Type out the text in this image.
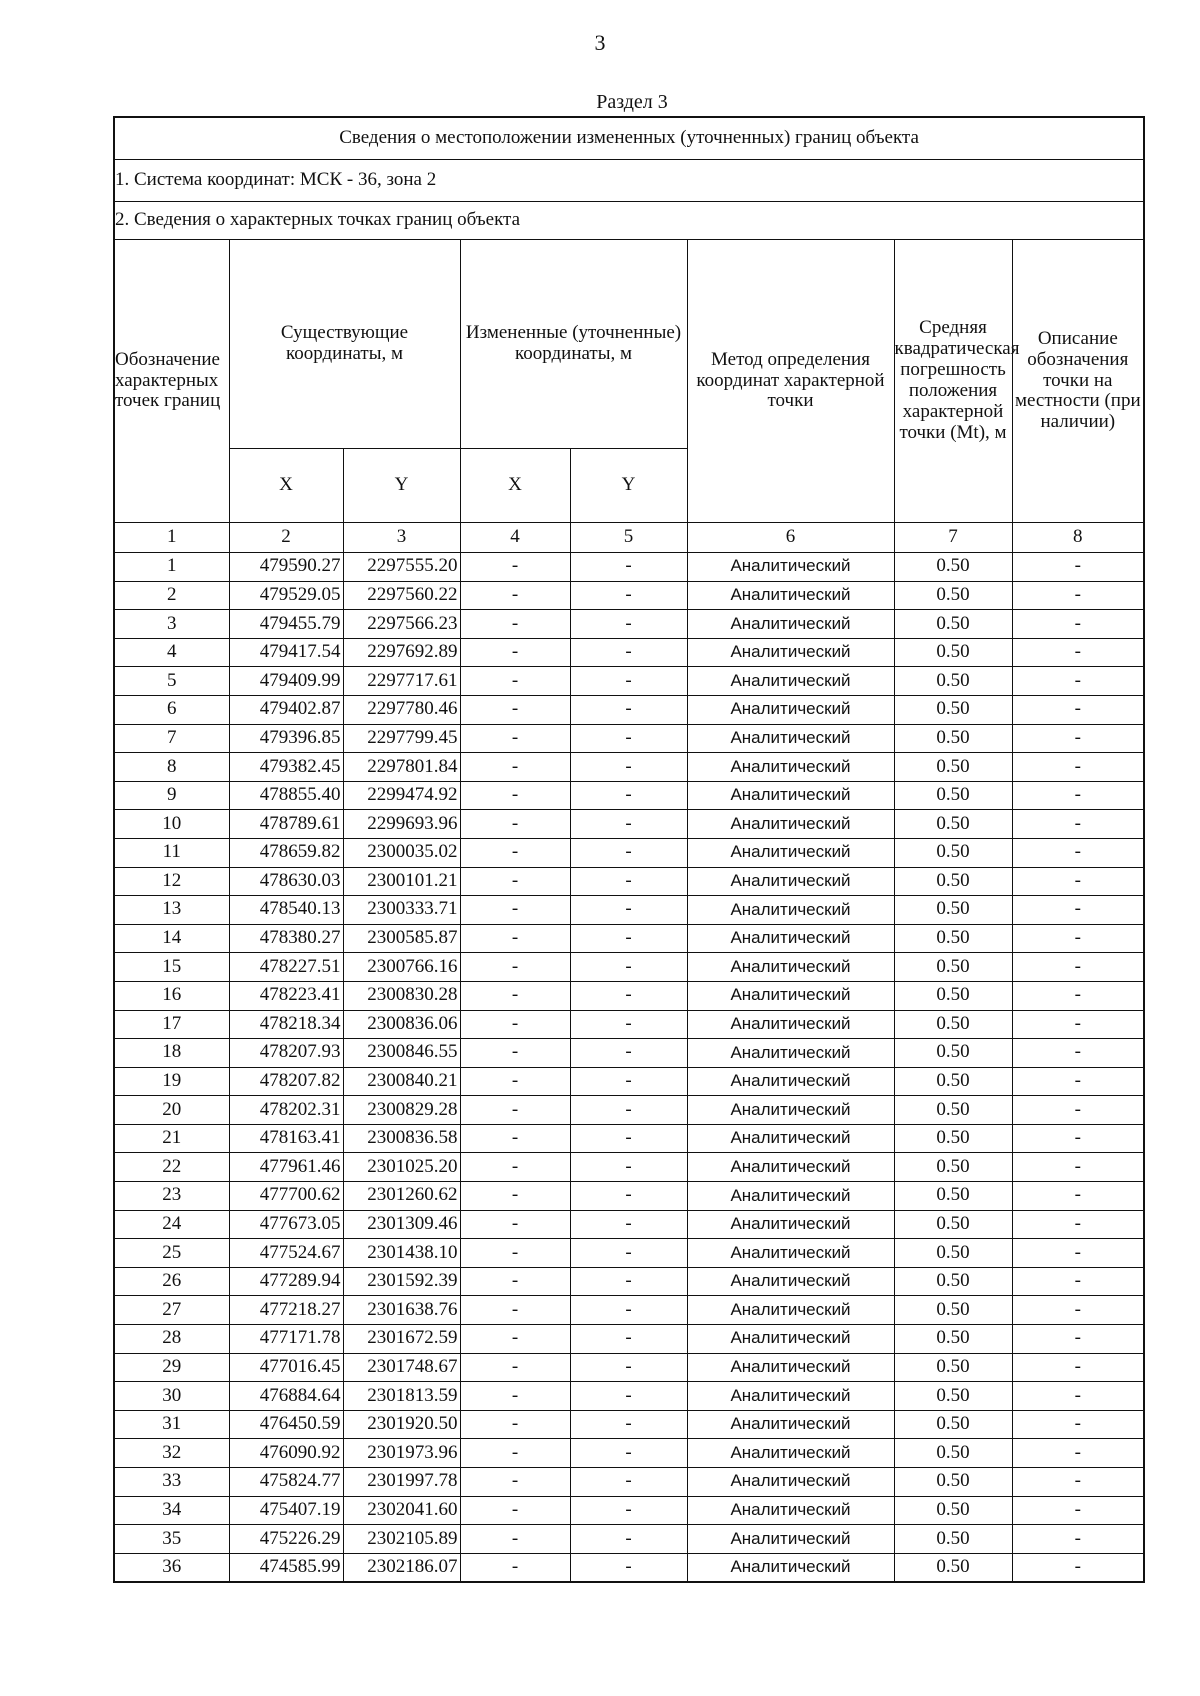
3
Раздел 3
Сведения о местоположении измененных (уточненных) границ объекта							
1. Система координат: МСК - 36, зона 2							
2. Сведения о характерных точках границ объекта							
Обозначение характерных точек границ	Существующие координаты, м		Измененные (уточненные) координаты, м		Метод определения координат характерной точки	Средняя квадратическая погрешность положения характерной точки (Mt), м	Описание обозначения точки на местности (при наличии)
	X	Y	X	Y			
1	2	3	4	5	6	7	8
1	479590.27	2297555.20	-	-	Аналитический	0.50	-
2	479529.05	2297560.22	-	-	Аналитический	0.50	-
3	479455.79	2297566.23	-	-	Аналитический	0.50	-
4	479417.54	2297692.89	-	-	Аналитический	0.50	-
5	479409.99	2297717.61	-	-	Аналитический	0.50	-
6	479402.87	2297780.46	-	-	Аналитический	0.50	-
7	479396.85	2297799.45	-	-	Аналитический	0.50	-
8	479382.45	2297801.84	-	-	Аналитический	0.50	-
9	478855.40	2299474.92	-	-	Аналитический	0.50	-
10	478789.61	2299693.96	-	-	Аналитический	0.50	-
11	478659.82	2300035.02	-	-	Аналитический	0.50	-
12	478630.03	2300101.21	-	-	Аналитический	0.50	-
13	478540.13	2300333.71	-	-	Аналитический	0.50	-
14	478380.27	2300585.87	-	-	Аналитический	0.50	-
15	478227.51	2300766.16	-	-	Аналитический	0.50	-
16	478223.41	2300830.28	-	-	Аналитический	0.50	-
17	478218.34	2300836.06	-	-	Аналитический	0.50	-
18	478207.93	2300846.55	-	-	Аналитический	0.50	-
19	478207.82	2300840.21	-	-	Аналитический	0.50	-
20	478202.31	2300829.28	-	-	Аналитический	0.50	-
21	478163.41	2300836.58	-	-	Аналитический	0.50	-
22	477961.46	2301025.20	-	-	Аналитический	0.50	-
23	477700.62	2301260.62	-	-	Аналитический	0.50	-
24	477673.05	2301309.46	-	-	Аналитический	0.50	-
25	477524.67	2301438.10	-	-	Аналитический	0.50	-
26	477289.94	2301592.39	-	-	Аналитический	0.50	-
27	477218.27	2301638.76	-	-	Аналитический	0.50	-
28	477171.78	2301672.59	-	-	Аналитический	0.50	-
29	477016.45	2301748.67	-	-	Аналитический	0.50	-
30	476884.64	2301813.59	-	-	Аналитический	0.50	-
31	476450.59	2301920.50	-	-	Аналитический	0.50	-
32	476090.92	2301973.96	-	-	Аналитический	0.50	-
33	475824.77	2301997.78	-	-	Аналитический	0.50	-
34	475407.19	2302041.60	-	-	Аналитический	0.50	-
35	475226.29	2302105.89	-	-	Аналитический	0.50	-
36	474585.99	2302186.07	-	-	Аналитический	0.50	-
